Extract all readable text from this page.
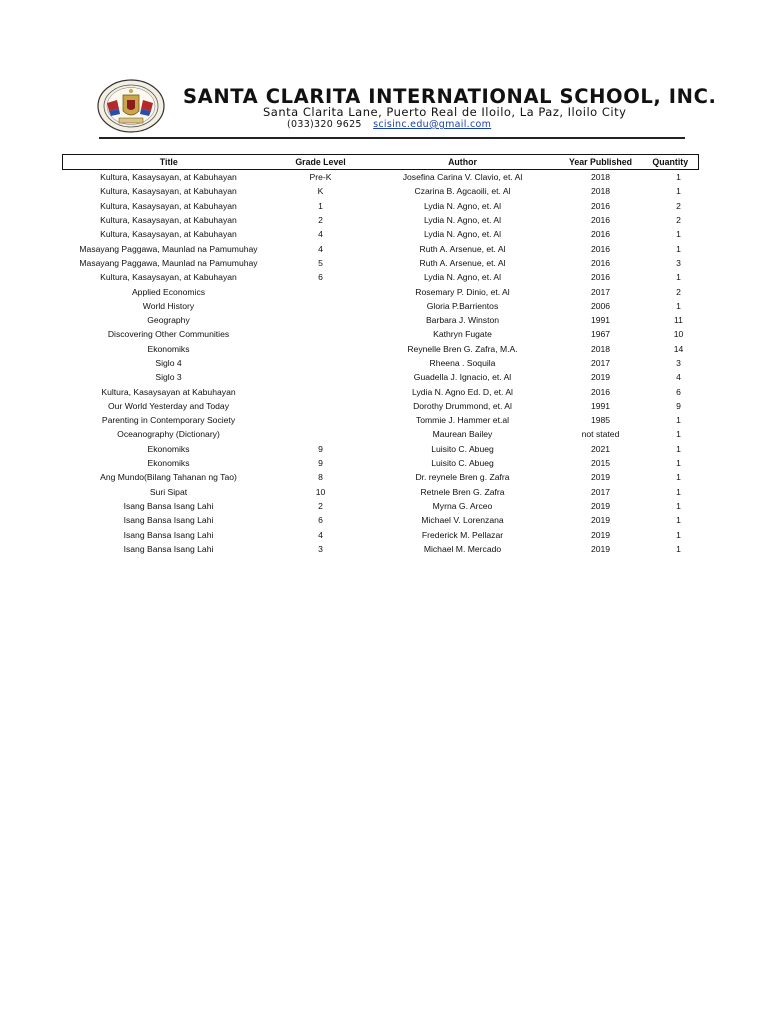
SANTA CLARITA INTERNATIONAL SCHOOL, INC.
Santa Clarita Lane, Puerto Real de Iloilo, La Paz, Iloilo City
(033)320 9625 scisinc.edu@gmail.com
Title	Grade Level	Author	Year Published	Quantity
Kultura, Kasaysayan, at Kabuhayan	Pre-K	Josefina Carina V. Clavio, et. Al	2018	1
Kultura, Kasaysayan, at Kabuhayan	K	Czarina B. Agcaoili, et. Al	2018	1
Kultura, Kasaysayan, at Kabuhayan	1	Lydia N. Agno, et. Al	2016	2
Kultura, Kasaysayan, at Kabuhayan	2	Lydia N. Agno, et. Al	2016	2
Kultura, Kasaysayan, at Kabuhayan	4	Lydia N. Agno, et. Al	2016	1
Masayang Paggawa, Maunlad na Pamumuhay	4	Ruth A. Arsenue, et. Al	2016	1
Masayang Paggawa, Maunlad na Pamumuhay	5	Ruth A. Arsenue, et. Al	2016	3
Kultura, Kasaysayan, at Kabuhayan	6	Lydia N. Agno, et. Al	2016	1
Applied Economics		Rosemary P. Dinio, et. Al	2017	2
World History		Gloria P.Barrientos	2006	1
Geography		Barbara J. Winston	1991	11
Discovering Other Communities		Kathryn Fugate	1967	10
Ekonomiks		Reynelle Bren G. Zafra, M.A.	2018	14
Siglo 4		Rheena . Soquila	2017	3
Siglo 3		Guadella J. Ignacio, et. Al	2019	4
Kultura, Kasaysayan at Kabuhayan		Lydia N. Agno Ed. D, et. Al	2016	6
Our World Yesterday and Today		Dorothy Drummond, et. Al	1991	9
Parenting in Contemporary Society		Tommie J. Hammer et.al	1985	1
Oceanography (Dictionary)		Maurean Bailey	not stated	1
Ekonomiks	9	Luisito C. Abueg	2021	1
Ekonomiks	9	Luisito C. Abueg	2015	1
Ang Mundo(Bilang Tahanan ng Tao)	8	Dr. reynele Bren g. Zafra	2019	1
Suri Sipat	10	Retnele Bren G. Zafra	2017	1
Isang Bansa Isang Lahi	2	Myrna G. Arceo	2019	1
Isang Bansa Isang Lahi	6	Michael V. Lorenzana	2019	1
Isang Bansa Isang Lahi	4	Frederick M. Pellazar	2019	1
Isang Bansa Isang Lahi	3	Michael M. Mercado	2019	1
